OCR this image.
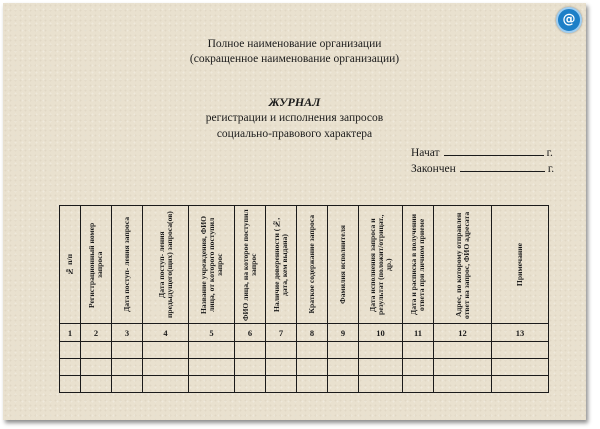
@
Полное наименование организации
(сокращенное наименование организации)
ЖУРНАЛ
регистрации и исполнения запросов
социально-правового характера
Начат	г.
Закончен	г.
№ п/п	Регистрационный номер запроса	Дата поступ- ления запроса	Дата поступ- ления предыдущего(щих) запроса(ов)	Название учреждения, ФИО лица, от которого поступил запрос	ФИО лица, на которое поступил запрос	Наличие доверенности (№, дата, кем выдана)	Краткое содержание запроса	Фамилия исполнителя	Дата исполнения запроса и результат (положит/отрицат., др.)	Дата и расписка в получении ответа при личном приеме	Адрес, по которому отправлен ответ на запрос, ФИО адресата	Примечание

1	2	3	4	5	6	7	8	9	10	11	12	13
